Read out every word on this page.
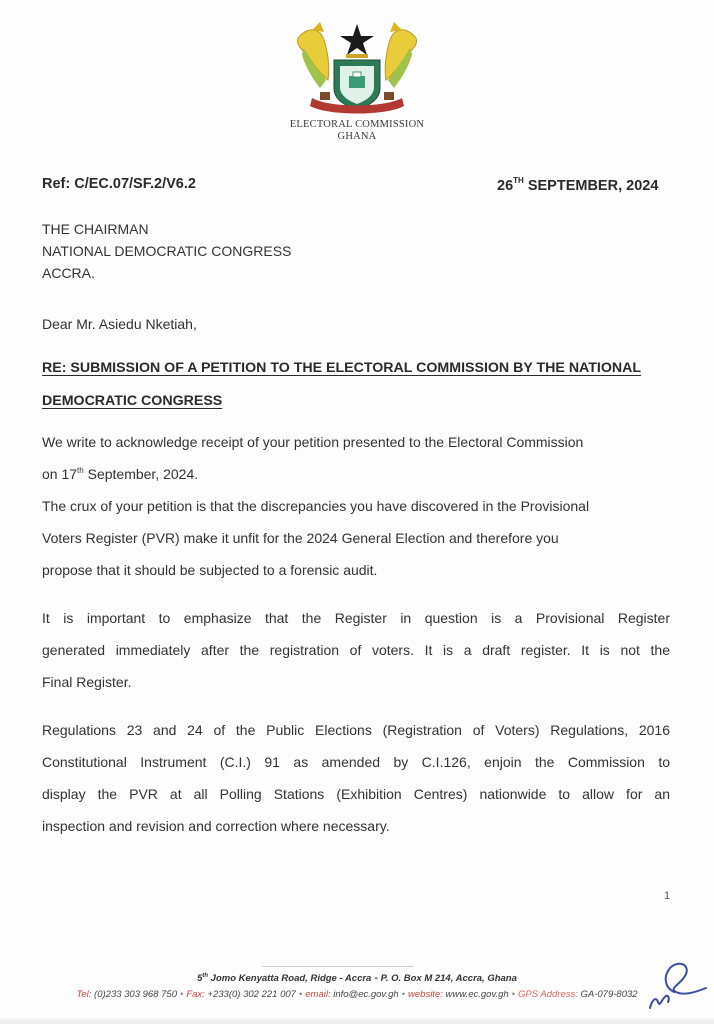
ELECTORAL COMMISSION
GHANA
Ref: C/EC.07/SF.2/V6.2	26TH SEPTEMBER, 2024
THE CHAIRMAN
NATIONAL DEMOCRATIC CONGRESS
ACCRA.
Dear Mr. Asiedu Nketiah,
RE: SUBMISSION OF A PETITION TO THE ELECTORAL COMMISSION BY THE NATIONAL
DEMOCRATIC CONGRESS
We write to acknowledge receipt of your petition presented to the Electoral Commission
on 17th September, 2024.
The crux of your petition is that the discrepancies you have discovered in the Provisional
Voters Register (PVR) make it unfit for the 2024 General Election and therefore you
propose that it should be subjected to a forensic audit.
It is important to emphasize that the Register in question is a Provisional Register
generated immediately after the registration of voters. It is a draft register. It is not the
Final Register.
Regulations 23 and 24 of the Public Elections (Registration of Voters) Regulations, 2016
Constitutional Instrument (C.I.) 91 as amended by C.I.126, enjoin the Commission to
display the PVR at all Polling Stations (Exhibition Centres) nationwide to allow for an
inspection and revision and correction where necessary.
1
5th Jomo Kenyatta Road, Ridge - Accra • P. O. Box M 214, Accra, Ghana
Tel: (0)233 303 968 750 • Fax: +233(0) 302 221 007 • email: info@ec.gov.gh • website: www.ec.gov.gh • GPS Address: GA-079-8032
